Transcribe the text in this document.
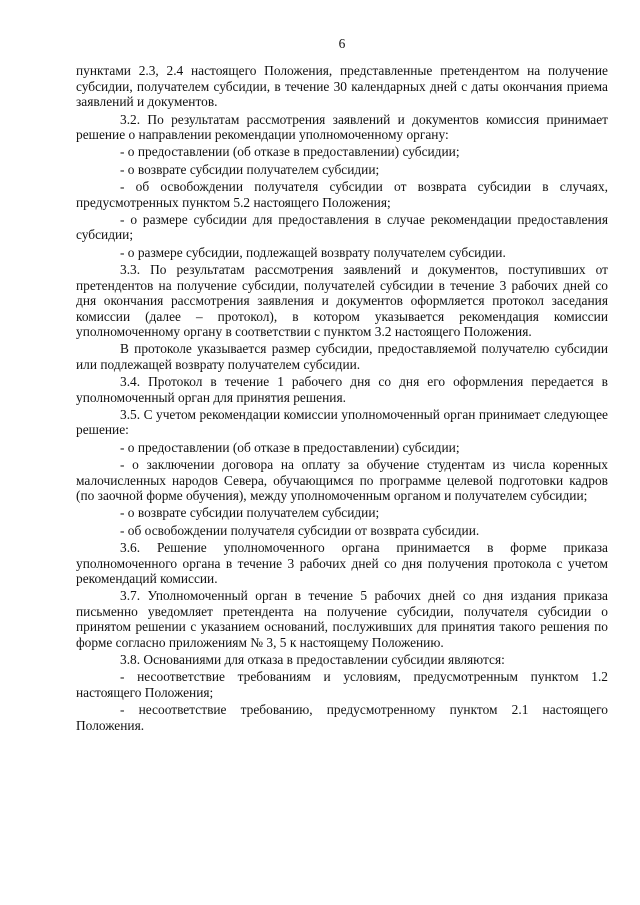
6

пунктами 2.3, 2.4 настоящего Положения, представленные претендентом на получение субсидии, получателем субсидии, в течение 30 календарных дней с даты окончания приема заявлений и документов.

3.2. По результатам рассмотрения заявлений и документов комиссия принимает решение о направлении рекомендации уполномоченному органу:

- о предоставлении (об отказе в предоставлении) субсидии;

- о возврате субсидии получателем субсидии;

- об освобождении получателя субсидии от возврата субсидии в случаях, предусмотренных пунктом 5.2 настоящего Положения;

- о размере субсидии для предоставления в случае рекомендации предоставления субсидии;

- о размере субсидии, подлежащей возврату получателем субсидии.

3.3. По результатам рассмотрения заявлений и документов, поступивших от претендентов на получение субсидии, получателей субсидии в течение 3 рабочих дней со дня окончания рассмотрения заявления и документов оформляется протокол заседания комиссии (далее – протокол), в котором указывается рекомендация комиссии уполномоченному органу в соответствии с пунктом 3.2 настоящего Положения.

В протоколе указывается размер субсидии, предоставляемой получателю субсидии или подлежащей возврату получателем субсидии.

3.4. Протокол в течение 1 рабочего дня со дня его оформления передается в уполномоченный орган для принятия решения.

3.5. С учетом рекомендации комиссии уполномоченный орган принимает следующее решение:

- о предоставлении (об отказе в предоставлении) субсидии;

- о заключении договора на оплату за обучение студентам из числа коренных малочисленных народов Севера, обучающимся по программе целевой подготовки кадров (по заочной форме обучения), между уполномоченным органом и получателем субсидии;

- о возврате субсидии получателем субсидии;

- об освобождении получателя субсидии от возврата субсидии.

3.6. Решение уполномоченного органа принимается в форме приказа уполномоченного органа в течение 3 рабочих дней со дня получения протокола с учетом рекомендаций комиссии.

3.7. Уполномоченный орган в течение 5 рабочих дней со дня издания приказа письменно уведомляет претендента на получение субсидии, получателя субсидии о принятом решении с указанием оснований, послуживших для принятия такого решения по форме согласно приложениям № 3, 5 к настоящему Положению.

3.8. Основаниями для отказа в предоставлении субсидии являются:

- несоответствие требованиям и условиям, предусмотренным пунктом 1.2 настоящего Положения;

- несоответствие требованию, предусмотренному пунктом 2.1 настоящего Положения.
